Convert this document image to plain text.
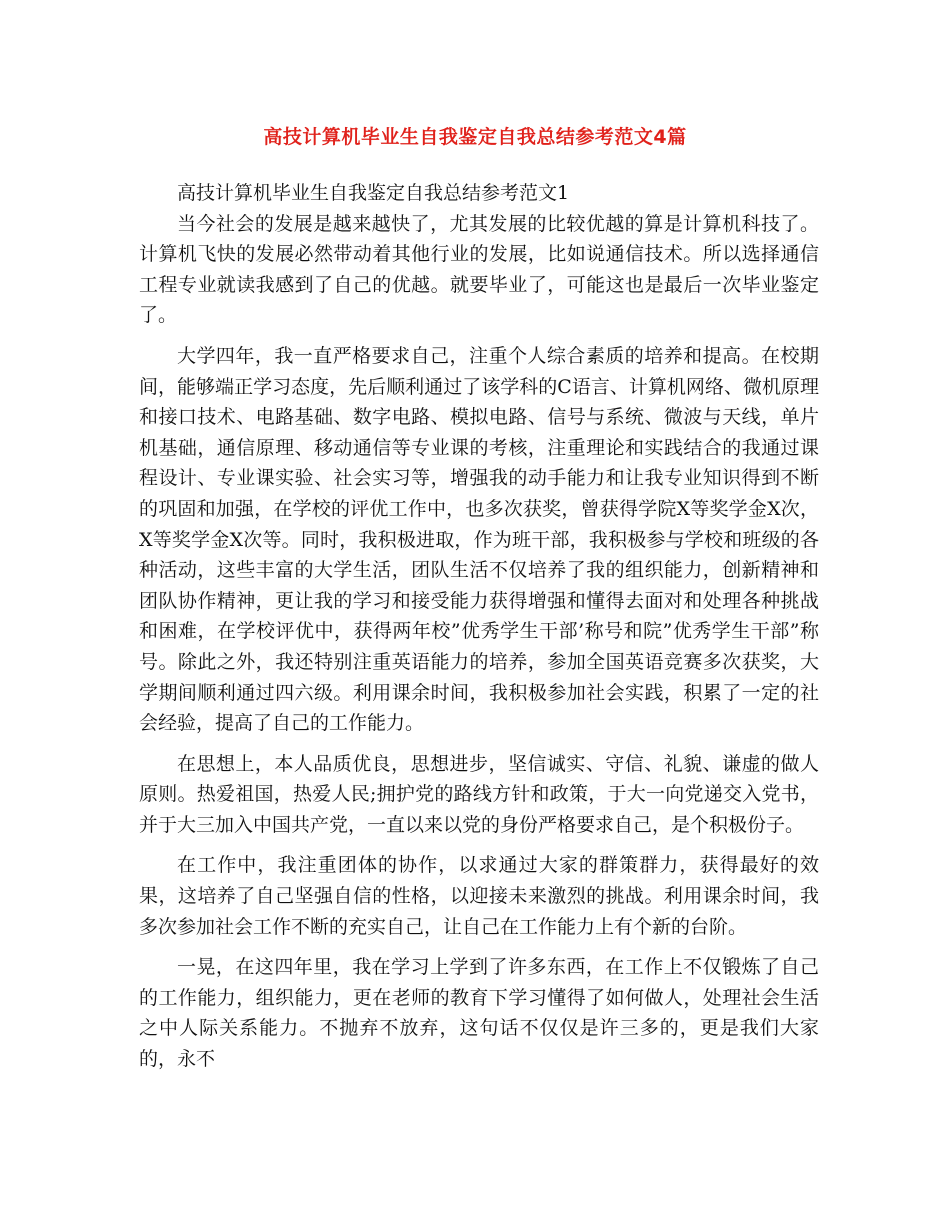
高技计算机毕业生自我鉴定自我总结参考范文4篇

高技计算机毕业生自我鉴定自我总结参考范文1

当今社会的发展是越来越快了，尤其发展的比较优越的算是计算机科技了。计算机飞快的发展必然带动着其他行业的发展，比如说通信技术。所以选择通信工程专业就读我感到了自己的优越。就要毕业了，可能这也是最后一次毕业鉴定了。

大学四年，我一直严格要求自己，注重个人综合素质的培养和提高。在校期间，能够端正学习态度，先后顺利通过了该学科的C语言、计算机网络、微机原理和接口技术、电路基础、数字电路、模拟电路、信号与系统、微波与天线，单片机基础，通信原理、移动通信等专业课的考核，注重理论和实践结合的我通过课程设计、专业课实验、社会实习等，增强我的动手能力和让我专业知识得到不断的巩固和加强，在学校的评优工作中，也多次获奖，曾获得学院X等奖学金X次，X等奖学金X次等。同时，我积极进取，作为班干部，我积极参与学校和班级的各种活动，这些丰富的大学生活，团队生活不仅培养了我的组织能力，创新精神和团队协作精神，更让我的学习和接受能力获得增强和懂得去面对和处理各种挑战和困难，在学校评优中，获得两年校”优秀学生干部’称号和院”优秀学生干部”称号。除此之外，我还特别注重英语能力的培养，参加全国英语竞赛多次获奖，大学期间顺利通过四六级。利用课余时间，我积极参加社会实践，积累了一定的社会经验，提高了自己的工作能力。

在思想上，本人品质优良，思想进步，坚信诚实、守信、礼貌、谦虚的做人原则。热爱祖国，热爱人民;拥护党的路线方针和政策，于大一向党递交入党书，并于大三加入中国共产党，一直以来以党的身份严格要求自己，是个积极份子。

在工作中，我注重团体的协作，以求通过大家的群策群力，获得最好的效果，这培养了自己坚强自信的性格，以迎接未来激烈的挑战。利用课余时间，我多次参加社会工作不断的充实自己，让自己在工作能力上有个新的台阶。

一晃，在这四年里，我在学习上学到了许多东西，在工作上不仅锻炼了自己的工作能力，组织能力，更在老师的教育下学习懂得了如何做人，处理社会生活之中人际关系能力。不抛弃不放弃，这句话不仅仅是许三多的，更是我们大家的，永不
